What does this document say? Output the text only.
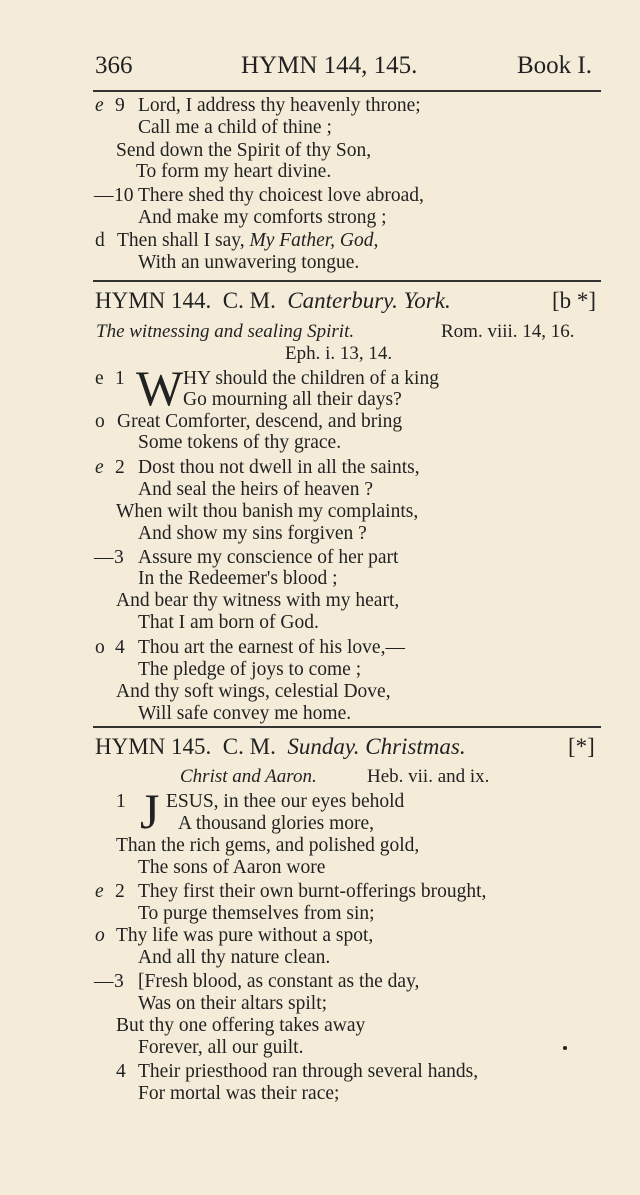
366	HYMN 144, 145.	Book I.
e 9 Lord, I address thy heavenly throne;
Call me a child of thine ;
Send down the Spirit of thy Son,
To form my heart divine.
— 10 There shed thy choicest love abroad,
And make my comforts strong ;
d Then shall I say, My Father, God,
With an unwavering tongue.
HYMN 144. C. M. Canterbury. York.	[b *]
The witnessing and sealing Spirit.	Rom. viii. 14, 16.
Eph. i. 13, 14.
e 1 W HY should the children of a king
Go mourning all their days?
o Great Comforter, descend, and bring
Some tokens of thy grace.
e 2 Dost thou not dwell in all the saints,
And seal the heirs of heaven ?
When wilt thou banish my complaints,
And show my sins forgiven ?
— 3 Assure my conscience of her part
In the Redeemer's blood ;
And bear thy witness with my heart,
That I am born of God.
o 4 Thou art the earnest of his love,—
The pledge of joys to come ;
And thy soft wings, celestial Dove,
Will safe convey me home.
HYMN 145. C. M. Sunday. Christmas.	[*]
Christ and Aaron.	Heb. vii. and ix.
1 J ESUS, in thee our eyes behold
A thousand glories more,
Than the rich gems, and polished gold,
The sons of Aaron wore
e 2 They first their own burnt-offerings brought,
To purge themselves from sin;
o Thy life was pure without a spot,
And all thy nature clean.
— 3 [Fresh blood, as constant as the day,
Was on their altars spilt;
But thy one offering takes away
Forever, all our guilt.
4 Their priesthood ran through several hands,
For mortal was their race;
